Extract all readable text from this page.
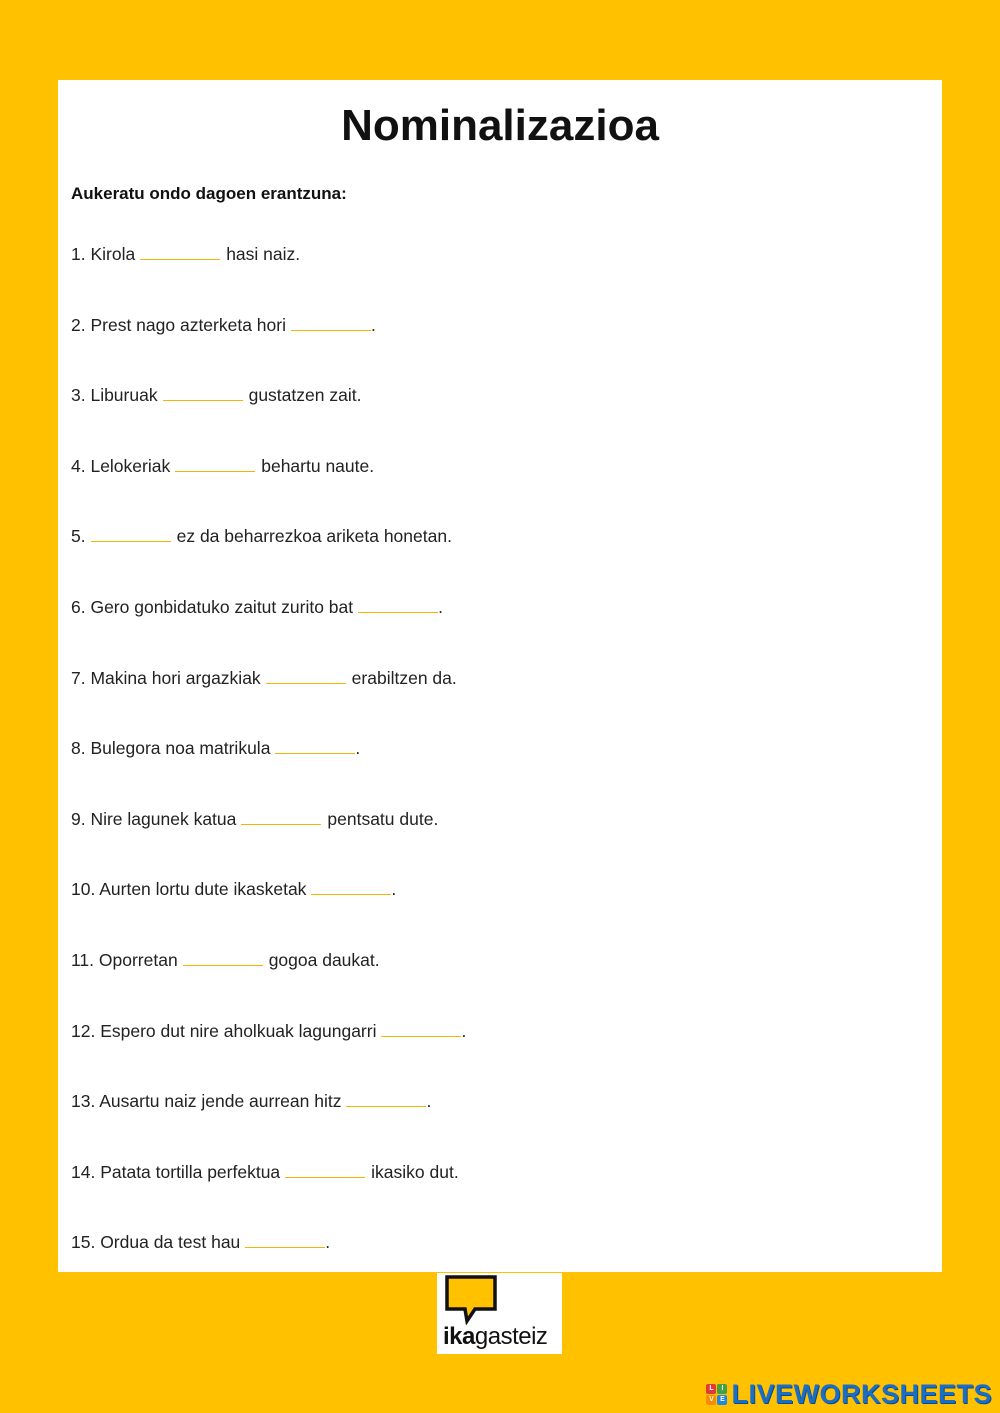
Nominalizazioa
Aukeratu ondo dagoen erantzuna:
1. Kirola	hasi naiz.
2. Prest nago azterketa hori	.
3. Liburuak	gustatzen zait.
4. Lelokeriak	behartu naute.
5.	ez da beharrezkoa ariketa honetan.
6. Gero gonbidatuko zaitut zurito bat	.
7. Makina hori argazkiak	erabiltzen da.
8. Bulegora noa matrikula	.
9. Nire lagunek katua	pentsatu dute.
10. Aurten lortu dute ikasketak	.
11. Oporretan	gogoa daukat.
12. Espero dut nire aholkuak lagungarri	.
13. Ausartu naiz jende aurrean hitz	.
14. Patata tortilla perfektua	ikasiko dut.
15. Ordua da test hau	.
ikagasteiz
L	I
V E LIVEWORKSHEETS
